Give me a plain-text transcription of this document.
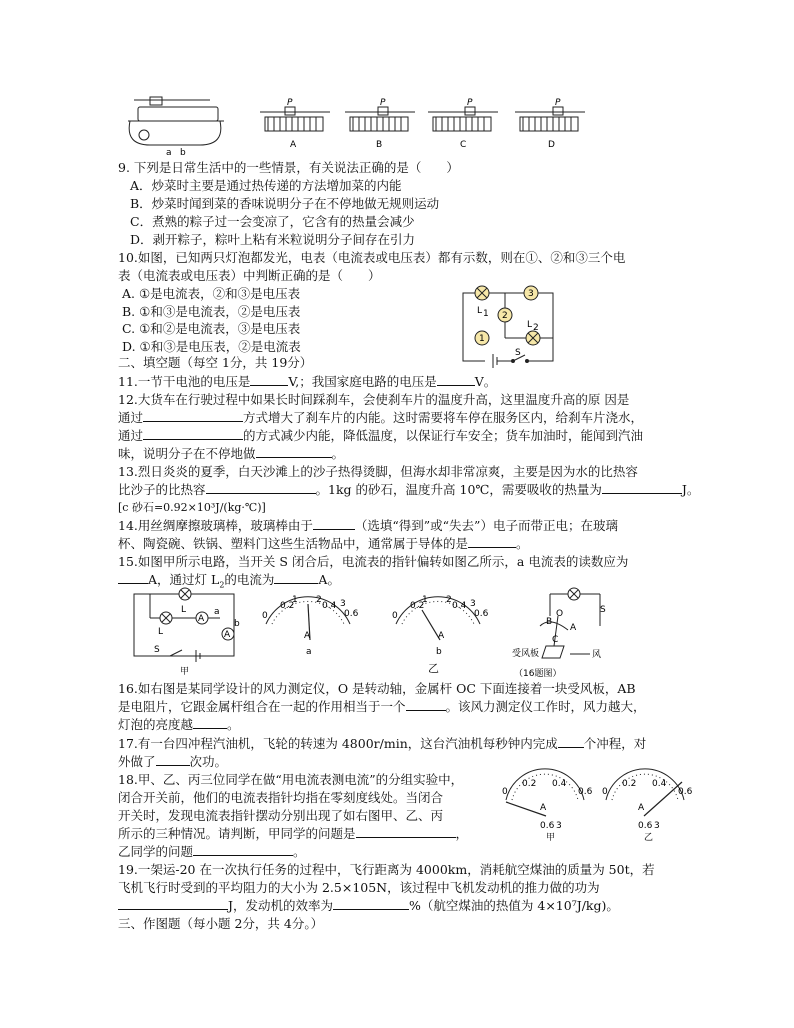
a b
P	P	P	P
A	B	C	D
9. 下列是日常生活中的一些情景，有关说法正确的是（　　）
A．炒菜时主要是通过热传递的方法增加菜的内能
B．炒菜时闻到菜的香味说明分子在不停地做无规则运动
C．煮熟的粽子过一会变凉了，它含有的热量会减少
D．剥开粽子，粽叶上粘有米粒说明分子间存在引力
10.如图，已知两只灯泡都发光，电表（电流表或电压表）都有示数，则在①、②和③三个电
表（电流表或电压表）中判断正确的是（　　）
A. ①是电流表，②和③是电压表
B. ①和③是电流表，②是电压表
C. ①和②是电流表，③是电压表
D. ①和③是电压表，②是电流表
L 1
3
2
L 2
1
S
二、填空题（每空 1分，共 19分）
11.一节干电池的电压是	V,；我国家庭电路的电压是	V。
12.大货车在行驶过程中如果长时间踩刹车，会使刹车片的温度升高，这里温度升高的原 因是
通过	方式增大了刹车片的内能。这时需要将车停在服务区内，给刹车片浇水，
通过	的方式减少内能，降低温度，以保证行车安全；货车加油时，能闻到汽油
味，说明分子在不停地做	。
13.烈日炎炎的夏季，白天沙滩上的沙子热得烫脚，但海水却非常凉爽，主要是因为水的比热容
比沙子的比热容	。1kg 的砂石，温度升高 10℃，需要吸收的热量为	J。
[c 砂石=0.92×10³J/(kg·℃)]
14.用丝绸摩擦玻璃棒，玻璃棒由于	（选填“得到”或“失去”）电子而带正电；在玻璃
杯、陶瓷碗、铁锅、塑料门这些生活物品中，通常属于导体的是	。
15.如图甲所示电路，当开关 S 闭合后，电流表的指针偏转如图乙所示，a 电流表的读数应为
A，通过灯 $L_2$的电流为	A。
L
L
A
A
a
b
S
甲
0
0.2	0.4
0.6
1 2 3
A
a
0
0.2	0.4
0.6
1 2 3
A
b
乙
S
O
B
A
C
受风板	风
（16题图）
16.如右图是某同学设计的风力测定仪，O 是转动轴，金属杆 OC 下面连接着一块受风板，AB
是电阻片，它跟金属杆组合在一起的作用相当于一个	。该风力测定仪工作时，风力越大，
灯泡的亮度越	。
17.有一台四冲程汽油机，飞轮的转速为 4800r/min，这台汽油机每秒钟内完成 个冲程，对
外做了	次功。
18.甲、乙、丙三位同学在做“用电流表测电流”的分组实验中，
闭合开关前，他们的电流表指针均指在零刻度线处。当闭合
开关时，发现电流表指针摆动分别出现了如右图甲、乙、丙
所示的三种情况。请判断，甲同学的问题是	，
乙同学的问题	。
0
0.2 0.4
0.6
A
0.6 3
甲
0
0.2 0.4
0.6
A
0.6 3
乙
19.一架运-20 在一次执行任务的过程中，飞行距离为 4000km，消耗航空煤油的质量为 50t，若
飞机飞行时受到的平均阻力的大小为 2.5×105N，该过程中飞机发动机的推力做的功为
J，发动机的效率为	%（航空煤油的热值为 4×10⁷J/kg)。
三、作图题（每小题 2分，共 4分。）
